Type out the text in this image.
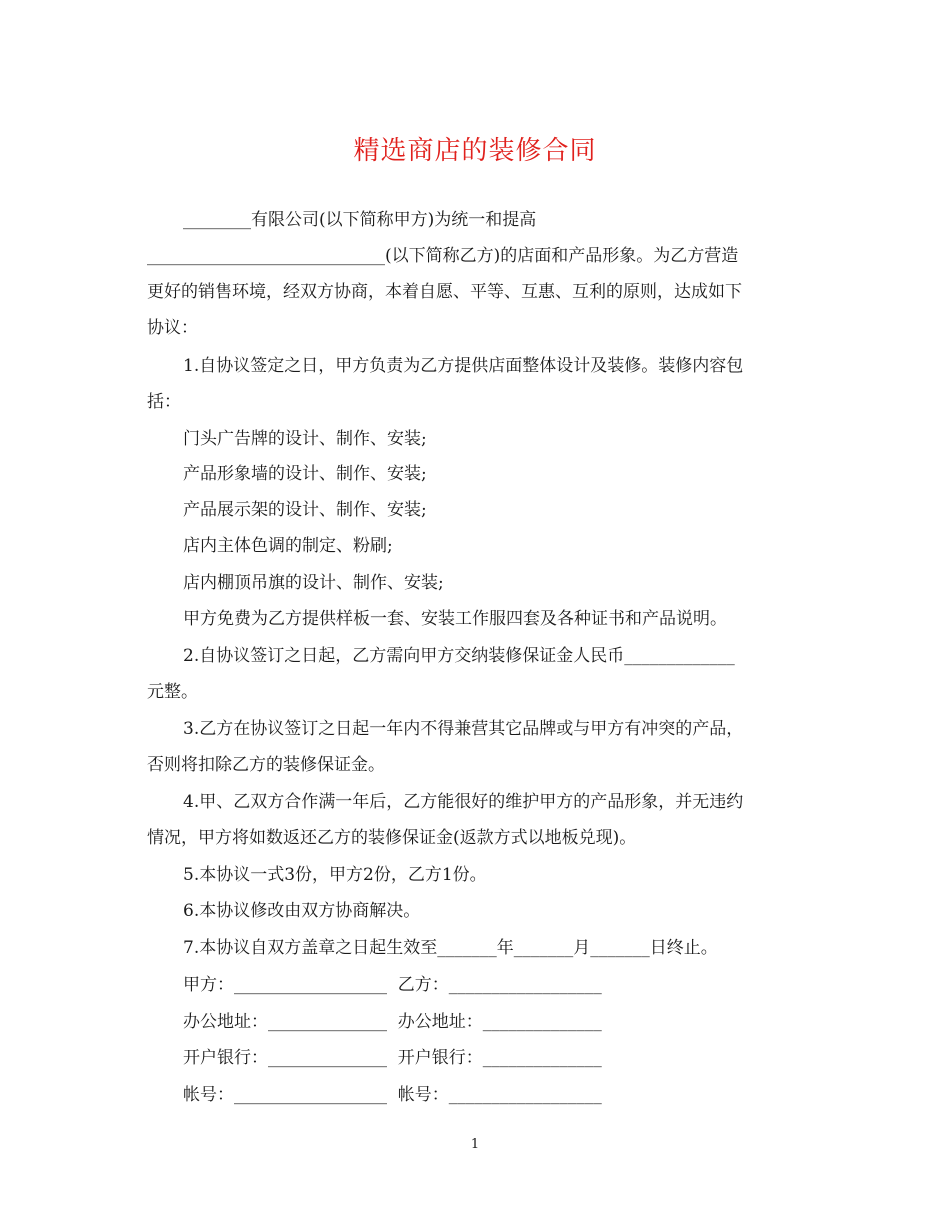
精选商店的装修合同
________有限公司(以下简称甲方)为统一和提高
____________________________(以下简称乙方)的店面和产品形象。为乙方营造
更好的销售环境，经双方协商，本着自愿、平等、互惠、互利的原则，达成如下
协议：
1.自协议签定之日，甲方负责为乙方提供店面整体设计及装修。装修内容包
括：
门头广告牌的设计、制作、安装;
产品形象墙的设计、制作、安装;
产品展示架的设计、制作、安装;
店内主体色调的制定、粉刷;
店内棚顶吊旗的设计、制作、安装;
甲方免费为乙方提供样板一套、安装工作服四套及各种证书和产品说明。
2.自协议签订之日起，乙方需向甲方交纳装修保证金人民币_____________
元整。
3.乙方在协议签订之日起一年内不得兼营其它品牌或与甲方有冲突的产品，
否则将扣除乙方的装修保证金。
4.甲、乙双方合作满一年后，乙方能很好的维护甲方的产品形象，并无违约
情况，甲方将如数返还乙方的装修保证金(返款方式以地板兑现)。
5.本协议一式3份，甲方2份，乙方1份。
6.本协议修改由双方协商解决。
7.本协议自双方盖章之日起生效至_______年_______月_______日终止。
甲方：__________________  乙方：__________________
办公地址：______________  办公地址：______________
开户银行：______________  开户银行：______________
帐号：__________________  帐号：__________________
1
